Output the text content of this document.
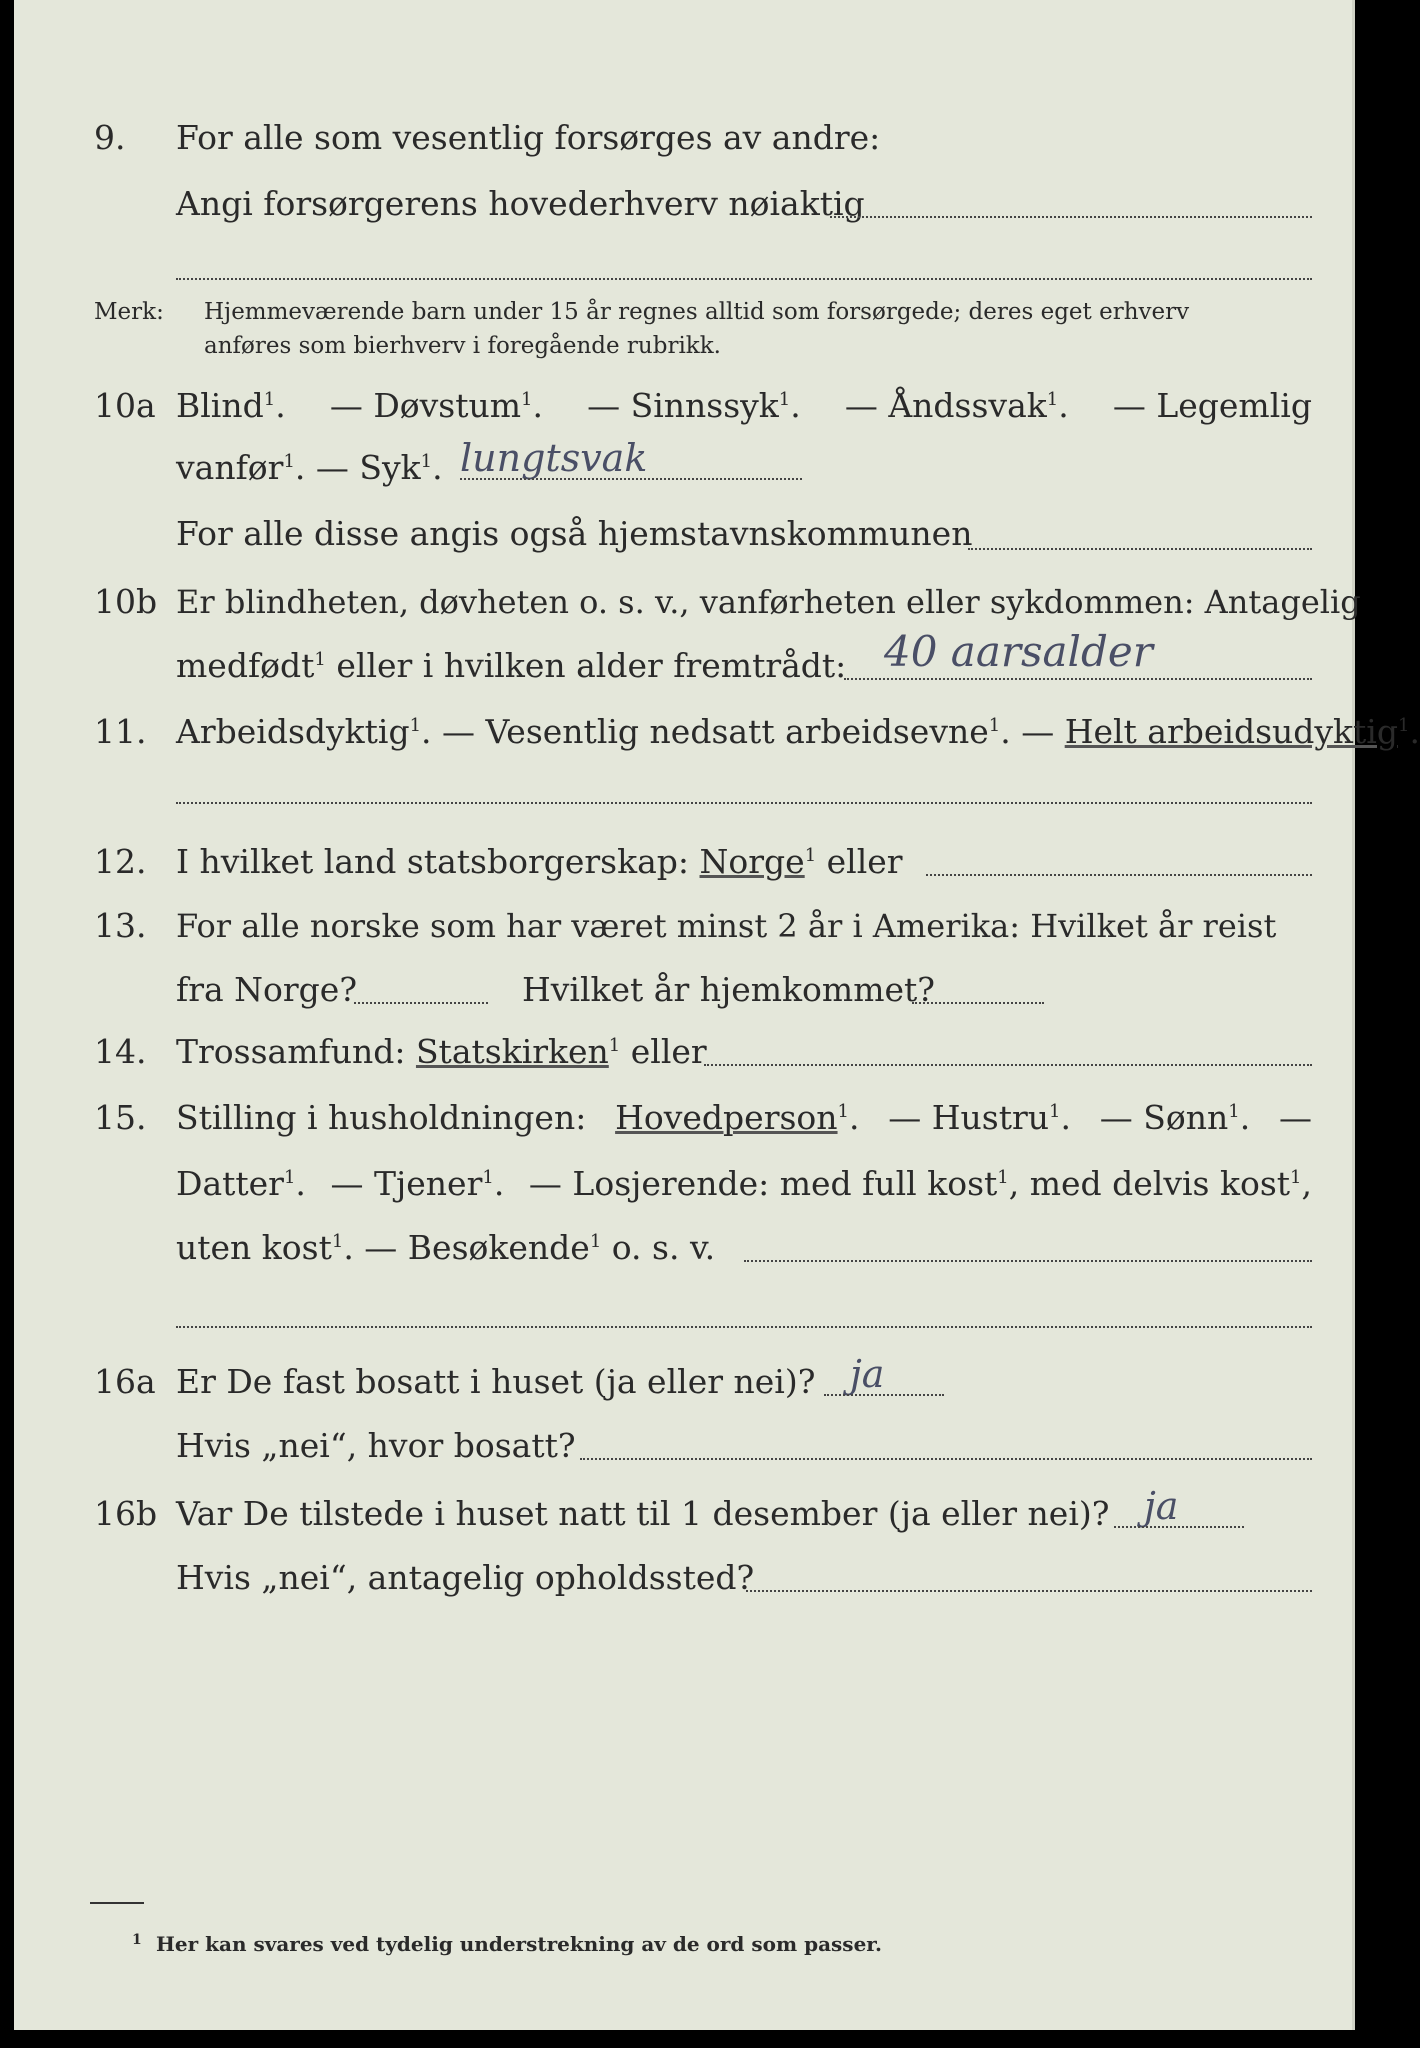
9. For alle som vesentlig forsørges av andre:
Angi forsørgerens hovederhverv nøiaktig
Merk: Hjemmeværende barn under 15 år regnes alltid som forsørgede; deres eget erhverv
anføres som bierhverv i foregående rubrikk.
10a Blind$^1$. — Døvstum$^1$. — Sinnssyk$^1$. — Åndssvak$^1$. — Legemlig
vanfør$^1$. — Syk$^1$. lungtsvak
For alle disse angis også hjemstavnskommunen
10b Er blindheten, døvheten o. s. v., vanførheten eller sykdommen: Antagelig
medfødt$^1$ eller i hvilken alder fremtrådt: 40 aarsalder
11. Arbeidsdyktig$^1$. — Vesentlig nedsatt arbeidsevne$^1$. — Helt arbeidsudyktig$^1$.
12. I hvilket land statsborgerskap: Norge$^1$ eller
13. For alle norske som har været minst 2 år i Amerika: Hvilket år reist
fra Norge?	Hvilket år hjemkommet?
14. Trossamfund: Statskirken$^1$ eller
15. Stilling i husholdningen: Hovedperson$^1$. — Hustru$^1$. — Sønn$^1$. —
Datter$^1$. — Tjener$^1$. — Losjerende: med full kost$^1$, med delvis kost$^1$,
uten kost$^1$. — Besøkende$^1$ o. s. v.
16a Er De fast bosatt i huset (ja eller nei)? ja
Hvis „nei“, hvor bosatt?
16b Var De tilstede i huset natt til 1 desember (ja eller nei)? ja
Hvis „nei“, antagelig opholdssted?
1 Her kan svares ved tydelig understrekning av de ord som passer.
